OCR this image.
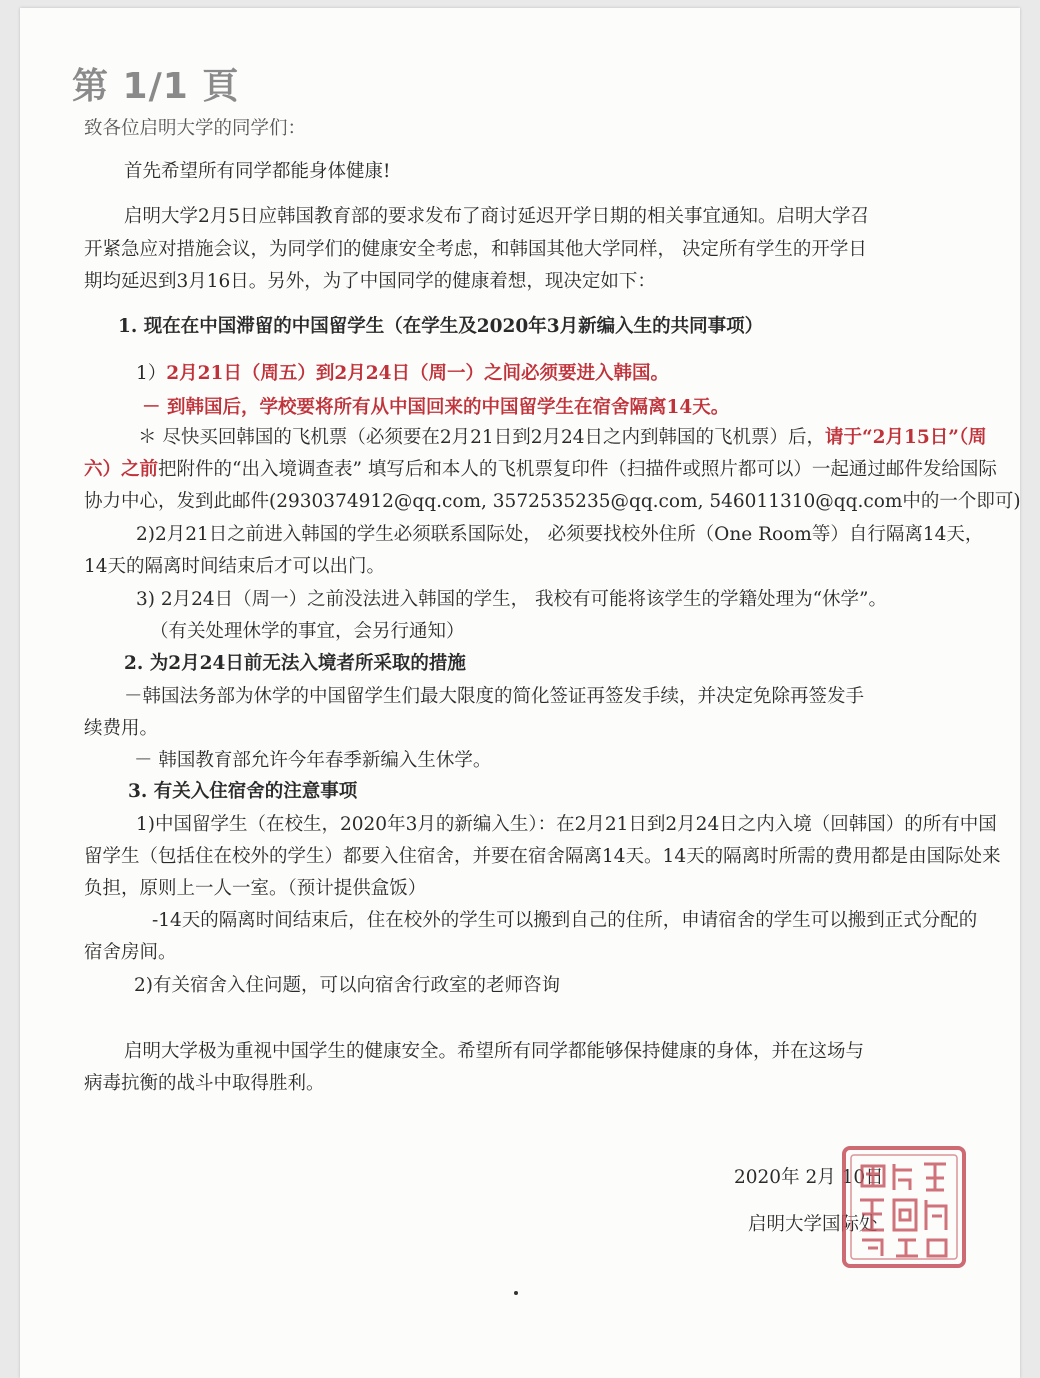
第 1/1 頁
致各位启明大学的同学们：
首先希望所有同学都能身体健康!
启明大学2月5日应韩国教育部的要求发布了商讨延迟开学日期的相关事宜通知。启明大学召
开紧急应对措施会议，为同学们的健康安全考虑，和韩国其他大学同样， 决定所有学生的开学日
期均延迟到3月16日。另外，为了中国同学的健康着想，现决定如下：
1. 现在在中国滞留的中国留学生（在学生及2020年3月新编入生的共同事项）
1）2月21日（周五）到2月24日（周一）之间必须要进入韩国。
－ 到韩国后，学校要将所有从中国回来的中国留学生在宿舍隔离14天。
＊ 尽快买回韩国的飞机票（必须要在2月21日到2月24日之内到韩国的飞机票）后，请于“2月15日”（周
六）之前把附件的“出入境调查表” 填写后和本人的飞机票复印件（扫描件或照片都可以）一起通过邮件发给国际
协力中心，发到此邮件(2930374912@qq.com, 3572535235@qq.com, 546011310@qq.com中的一个即可)
2)2月21日之前进入韩国的学生必须联系国际处， 必须要找校外住所（One Room等）自行隔离14天，
14天的隔离时间结束后才可以出门。
3) 2月24日（周一）之前没法进入韩国的学生， 我校有可能将该学生的学籍处理为“休学”。
（有关处理休学的事宜，会另行通知）
2. 为2月24日前无法入境者所采取的措施
－韩国法务部为休学的中国留学生们最大限度的简化签证再签发手续，并决定免除再签发手
续费用。
－ 韩国教育部允许今年春季新编入生休学。
3. 有关入住宿舍的注意事项
1)中国留学生（在校生，2020年3月的新编入生）：在2月21日到2月24日之内入境（回韩国）的所有中国
留学生（包括住在校外的学生）都要入住宿舍，并要在宿舍隔离14天。14天的隔离时所需的费用都是由国际处来
负担，原则上一人一室。（预计提供盒饭）
-14天的隔离时间结束后，住在校外的学生可以搬到自己的住所，申请宿舍的学生可以搬到正式分配的
宿舍房间。
2)有关宿舍入住问题，可以向宿舍行政室的老师咨询
启明大学极为重视中国学生的健康安全。希望所有同学都能够保持健康的身体，并在这场与
病毒抗衡的战斗中取得胜利。
2020年 2月 10日
启明大学国际处
